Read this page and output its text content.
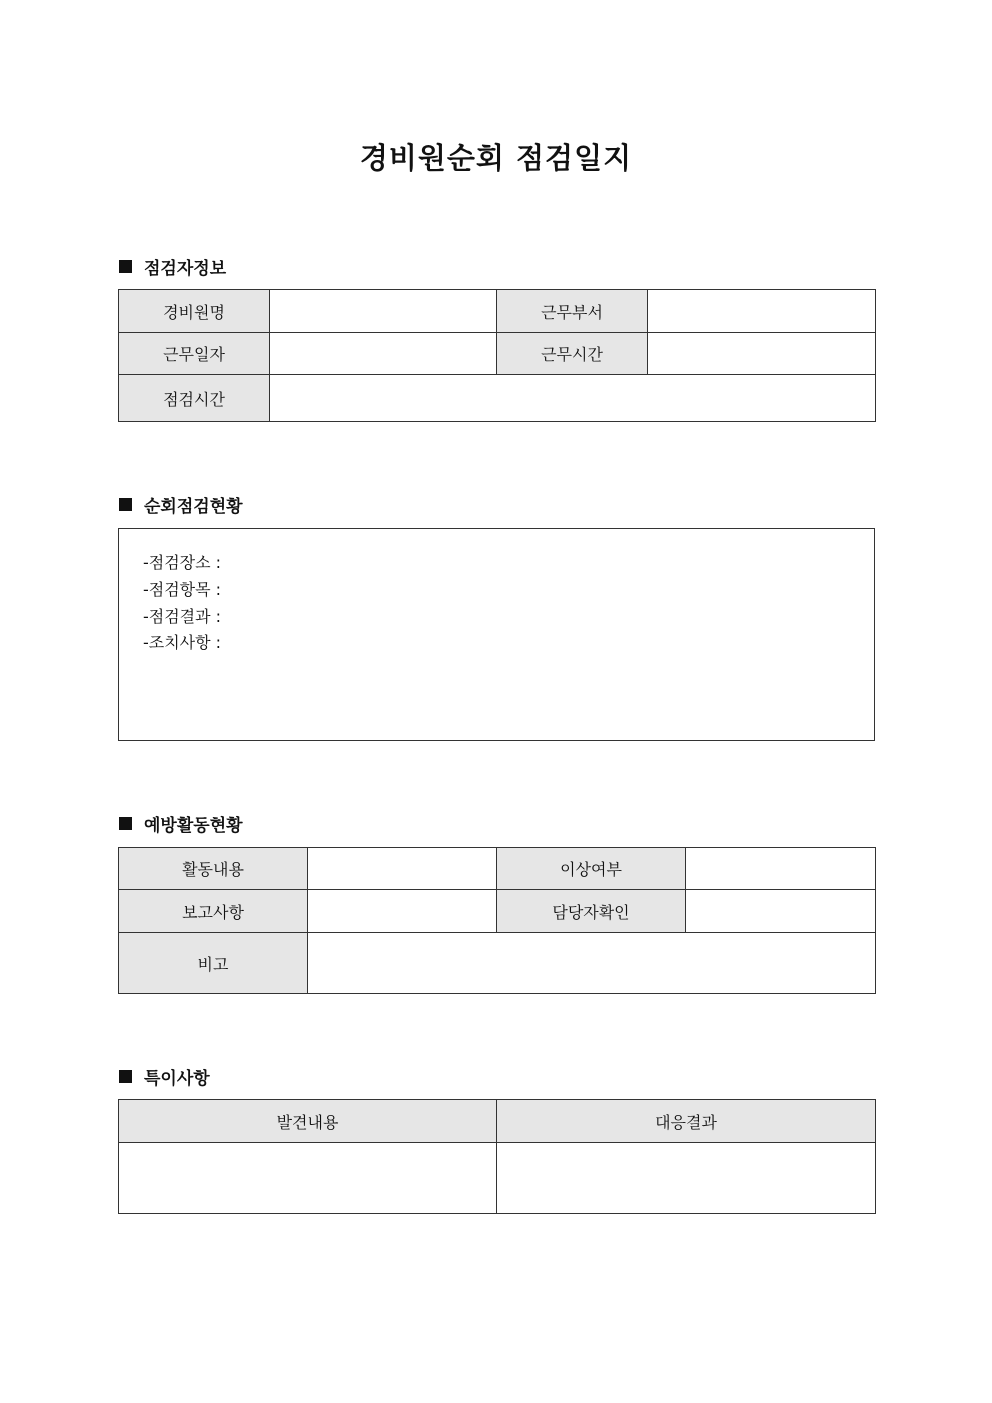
경비원순회 점검일지
점검자정보
경비원명		근무부서	
근무일자		근무시간	
점검시간			
순회점검현황
-점검장소 :
-점검항목 :
-점검결과 :
-조치사항 :
예방활동현황
활동내용		이상여부	
보고사항		담당자확인	
비고			
특이사항
발견내용	대응결과
